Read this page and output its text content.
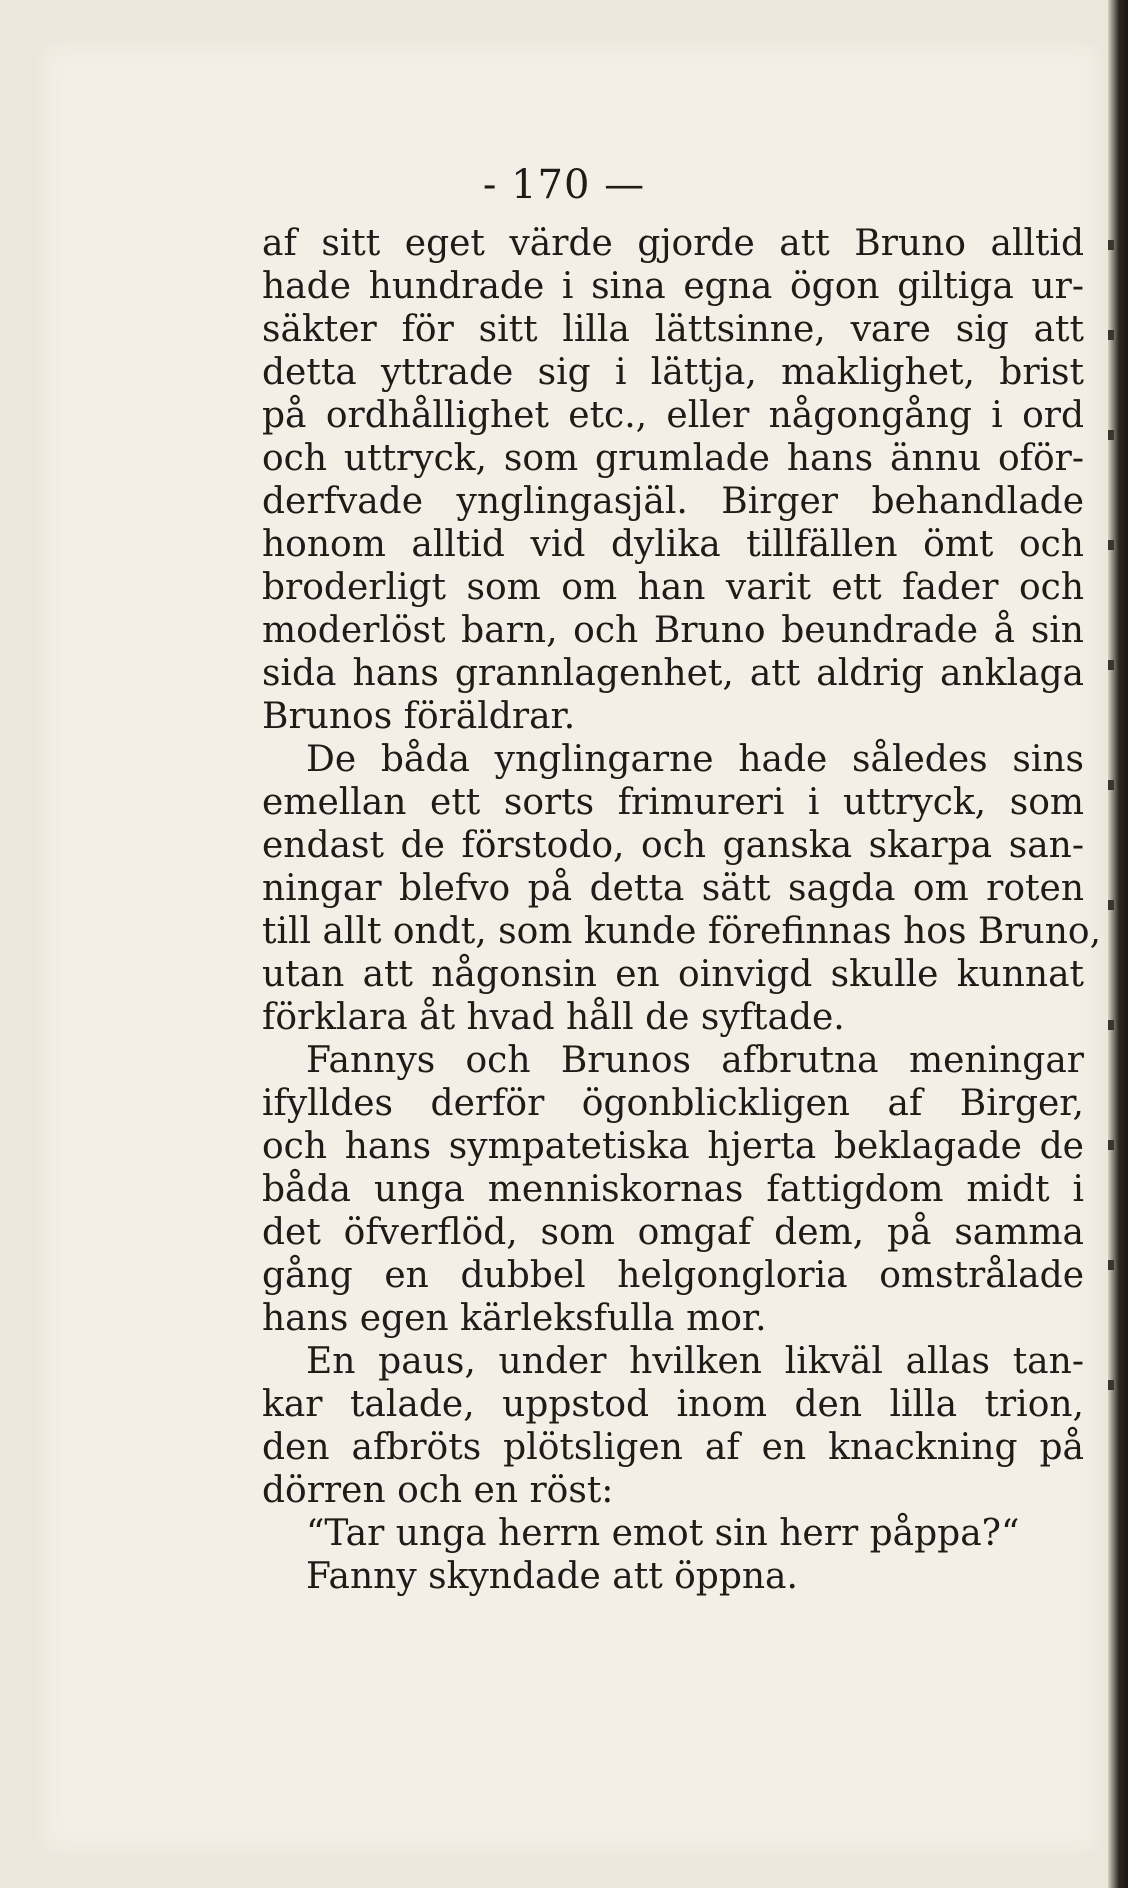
- 170 —
af sitt eget värde gjorde att Bruno alltid
hade hundrade i sina egna ögon giltiga ur-
säkter för sitt lilla lättsinne, vare sig att
detta yttrade sig i lättja, maklighet, brist
på ordhållighet etc., eller någongång i ord
och uttryck, som grumlade hans ännu oför-
derfvade ynglingasjäl. Birger behandlade
honom alltid vid dylika tillfällen ömt och
broderligt som om han varit ett fader och
moderlöst barn, och Bruno beundrade å sin
sida hans grannlagenhet, att aldrig anklaga
Brunos föräldrar.
De båda ynglingarne hade således sins
emellan ett sorts frimureri i uttryck, som
endast de förstodo, och ganska skarpa san-
ningar blefvo på detta sätt sagda om roten
till allt ondt, som kunde förefinnas hos Bruno,
utan att någonsin en oinvigd skulle kunnat
förklara åt hvad håll de syftade.
Fannys och Brunos afbrutna meningar
ifylldes derför ögonblickligen af Birger,
och hans sympatetiska hjerta beklagade de
båda unga menniskornas fattigdom midt i
det öfverflöd, som omgaf dem, på samma
gång en dubbel helgongloria omstrålade
hans egen kärleksfulla mor.
En paus, under hvilken likväl allas tan-
kar talade, uppstod inom den lilla trion,
den afbröts plötsligen af en knackning på
dörren och en röst:
“Tar unga herrn emot sin herr påppa?“
Fanny skyndade att öppna.
